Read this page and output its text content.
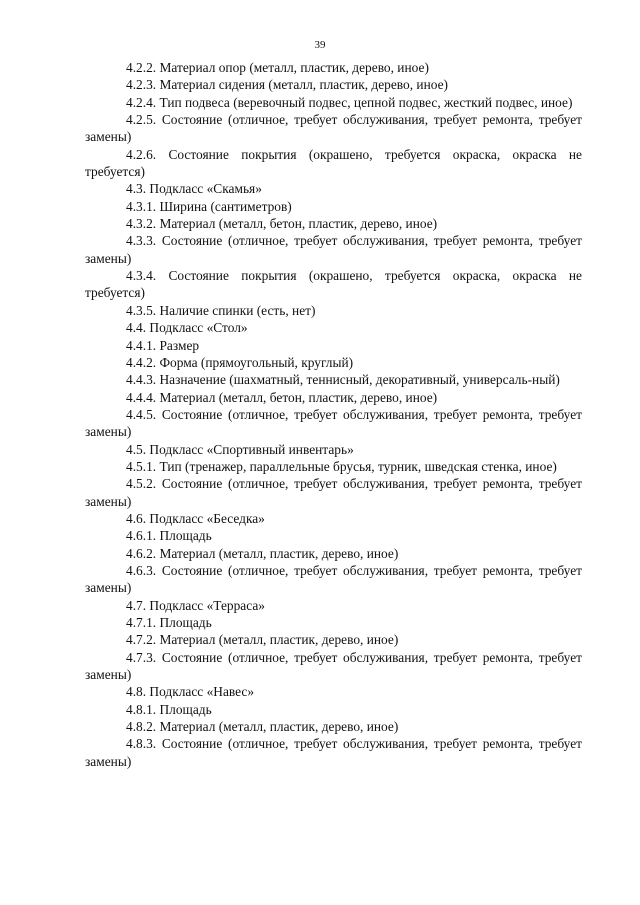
39

4.2.2. Материал опор (металл, пластик, дерево, иное)

4.2.3. Материал сидения (металл, пластик, дерево, иное)

4.2.4. Тип подвеса (веревочный подвес, цепной подвес, жесткий подвес, иное)

4.2.5. Состояние (отличное, требует обслуживания, требует ремонта, требует замены)

4.2.6. Состояние покрытия (окрашено, требуется окраска, окраска не требуется)

4.3. Подкласс «Скамья»

4.3.1. Ширина (сантиметров)

4.3.2. Материал (металл, бетон, пластик, дерево, иное)

4.3.3. Состояние (отличное, требует обслуживания, требует ремонта, требует замены)

4.3.4. Состояние покрытия (окрашено, требуется окраска, окраска не требуется)

4.3.5. Наличие спинки (есть, нет)

4.4. Подкласс «Стол»

4.4.1. Размер

4.4.2. Форма (прямоугольный, круглый)

4.4.3. Назначение (шахматный, теннисный, декоративный, универсаль-ный)

4.4.4. Материал (металл, бетон, пластик, дерево, иное)

4.4.5. Состояние (отличное, требует обслуживания, требует ремонта, требует замены)

4.5. Подкласс «Спортивный инвентарь»

4.5.1. Тип (тренажер, параллельные брусья, турник, шведская стенка, иное)

4.5.2. Состояние (отличное, требует обслуживания, требует ремонта, требует замены)

4.6. Подкласс «Беседка»

4.6.1. Площадь

4.6.2. Материал (металл, пластик, дерево, иное)

4.6.3. Состояние (отличное, требует обслуживания, требует ремонта, требует замены)

4.7. Подкласс «Терраса»

4.7.1. Площадь

4.7.2. Материал (металл, пластик, дерево, иное)

4.7.3. Состояние (отличное, требует обслуживания, требует ремонта, требует замены)

4.8. Подкласс «Навес»

4.8.1. Площадь

4.8.2. Материал (металл, пластик, дерево, иное)

4.8.3. Состояние (отличное, требует обслуживания, требует ремонта, требует замены)
